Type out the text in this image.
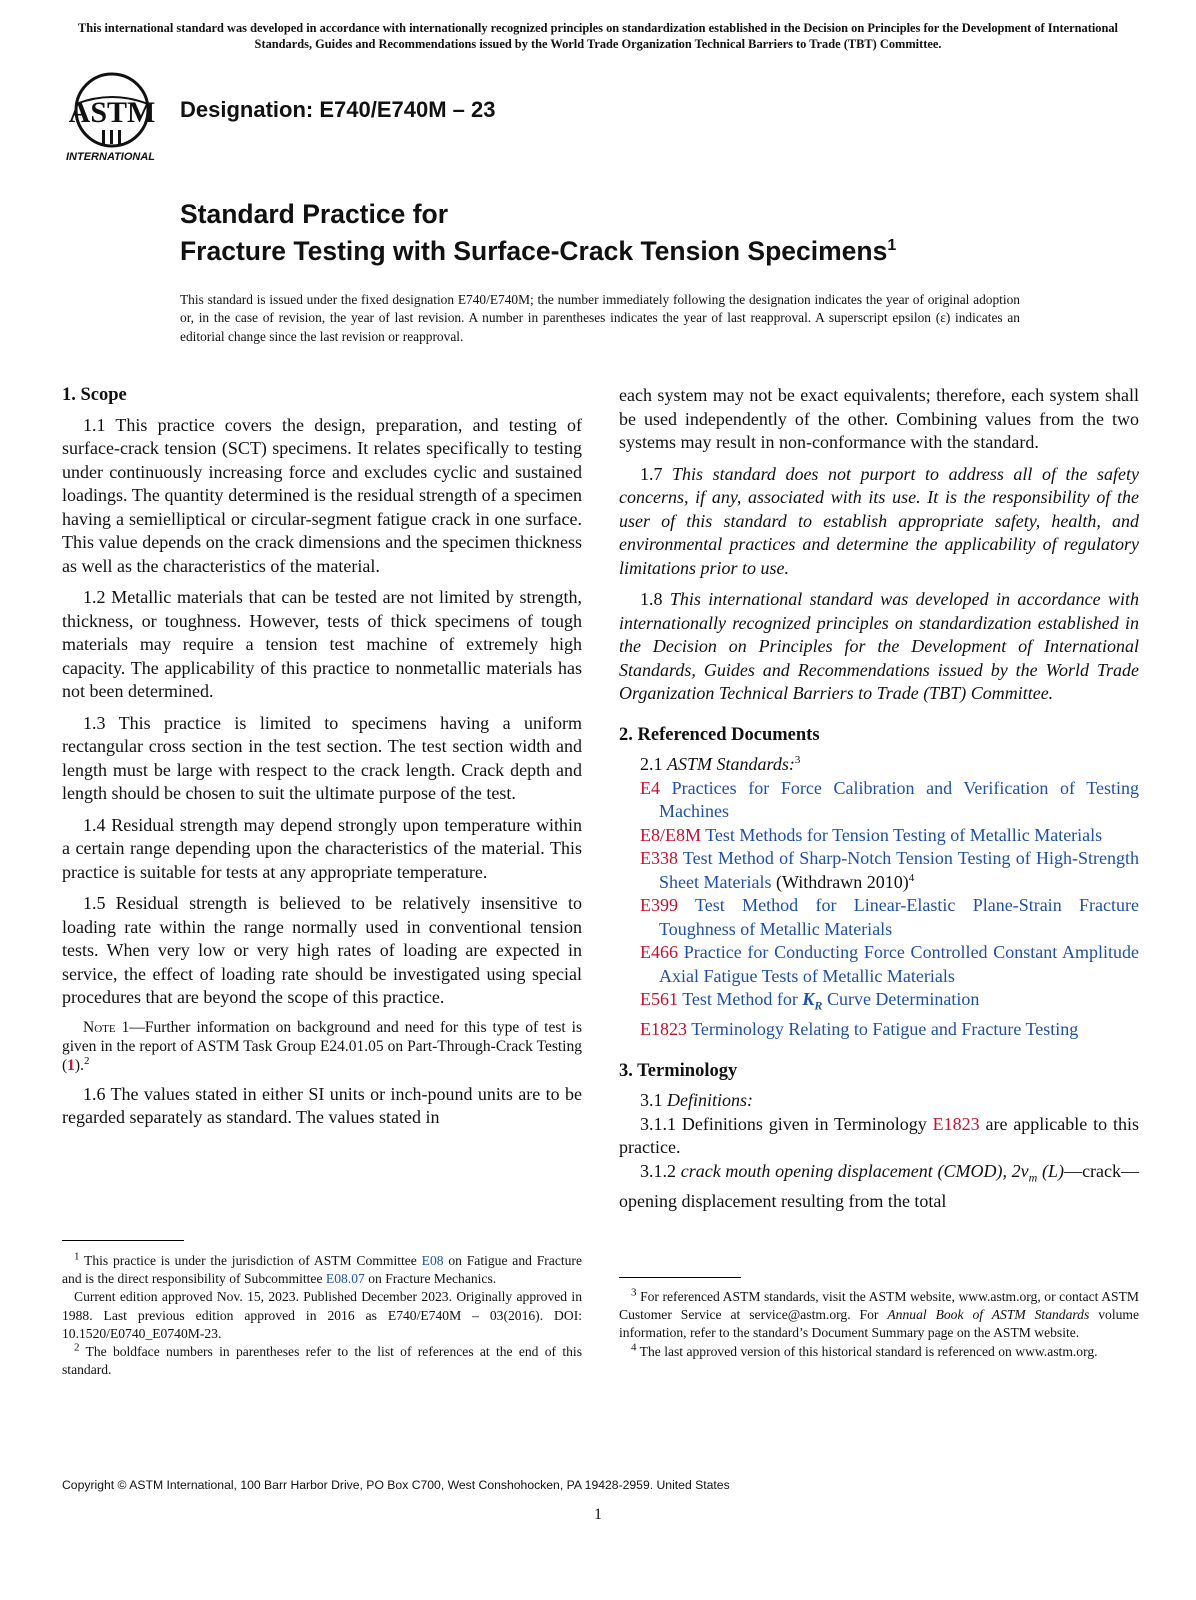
This international standard was developed in accordance with internationally recognized principles on standardization established in the Decision on Principles for the Development of International Standards, Guides and Recommendations issued by the World Trade Organization Technical Barriers to Trade (TBT) Committee.
ASTM
INTERNATIONAL
Designation: E740/E740M – 23
Standard Practice for
Fracture Testing with Surface-Crack Tension Specimens$^1$
This standard is issued under the fixed designation E740/E740M; the number immediately following the designation indicates the year of original adoption or, in the case of revision, the year of last revision. A number in parentheses indicates the year of last reapproval. A superscript epsilon (ε) indicates an editorial change since the last revision or reapproval.
1. Scope

1.1 This practice covers the design, preparation, and testing of surface-crack tension (SCT) specimens. It relates specifically to testing under continuously increasing force and excludes cyclic and sustained loadings. The quantity determined is the residual strength of a specimen having a semielliptical or circular-segment fatigue crack in one surface. This value depends on the crack dimensions and the specimen thickness as well as the characteristics of the material.

1.2 Metallic materials that can be tested are not limited by strength, thickness, or toughness. However, tests of thick specimens of tough materials may require a tension test machine of extremely high capacity. The applicability of this practice to nonmetallic materials has not been determined.

1.3 This practice is limited to specimens having a uniform rectangular cross section in the test section. The test section width and length must be large with respect to the crack length. Crack depth and length should be chosen to suit the ultimate purpose of the test.

1.4 Residual strength may depend strongly upon temperature within a certain range depending upon the characteristics of the material. This practice is suitable for tests at any appropriate temperature.

1.5 Residual strength is believed to be relatively insensitive to loading rate within the range normally used in conventional tension tests. When very low or very high rates of loading are expected in service, the effect of loading rate should be investigated using special procedures that are beyond the scope of this practice.

Note 1—Further information on background and need for this type of test is given in the report of ASTM Task Group E24.01.05 on Part-Through-Crack Testing (1).$^2$

1.6 The values stated in either SI units or inch-pound units are to be regarded separately as standard. The values stated in

each system may not be exact equivalents; therefore, each system shall be used independently of the other. Combining values from the two systems may result in non-conformance with the standard.

1.7 This standard does not purport to address all of the safety concerns, if any, associated with its use. It is the responsibility of the user of this standard to establish appropriate safety, health, and environmental practices and determine the applicability of regulatory limitations prior to use.

1.8 This international standard was developed in accordance with internationally recognized principles on standardization established in the Decision on Principles for the Development of International Standards, Guides and Recommendations issued by the World Trade Organization Technical Barriers to Trade (TBT) Committee.

2. Referenced Documents

2.1 ASTM Standards:$^3$

E4 Practices for Force Calibration and Verification of Testing Machines

E8/E8M Test Methods for Tension Testing of Metallic Materials

E338 Test Method of Sharp-Notch Tension Testing of High-Strength Sheet Materials (Withdrawn 2010)$^4$

E399 Test Method for Linear-Elastic Plane-Strain Fracture Toughness of Metallic Materials

E466 Practice for Conducting Force Controlled Constant Amplitude Axial Fatigue Tests of Metallic Materials

E561 Test Method for $K_R$ Curve Determination

E1823 Terminology Relating to Fatigue and Fracture Testing

3. Terminology

3.1 Definitions:

3.1.1 Definitions given in Terminology E1823 are applicable to this practice.

3.1.2 crack mouth opening displacement (CMOD), $2v_m$ (L)—crack—opening displacement resulting from the total

$^1$ This practice is under the jurisdiction of ASTM Committee E08 on Fatigue and Fracture and is the direct responsibility of Subcommittee E08.07 on Fracture Mechanics.

Current edition approved Nov. 15, 2023. Published December 2023. Originally approved in 1988. Last previous edition approved in 2016 as E740/E740M – 03(2016). DOI: 10.1520/E0740_E0740M-23.

$^2$ The boldface numbers in parentheses refer to the list of references at the end of this standard.

$^3$ For referenced ASTM standards, visit the ASTM website, www.astm.org, or contact ASTM Customer Service at service@astm.org. For Annual Book of ASTM Standards volume information, refer to the standard’s Document Summary page on the ASTM website.

$^4$ The last approved version of this historical standard is referenced on www.astm.org.

Copyright © ASTM International, 100 Barr Harbor Drive, PO Box C700, West Conshohocken, PA 19428-2959. United States
1
